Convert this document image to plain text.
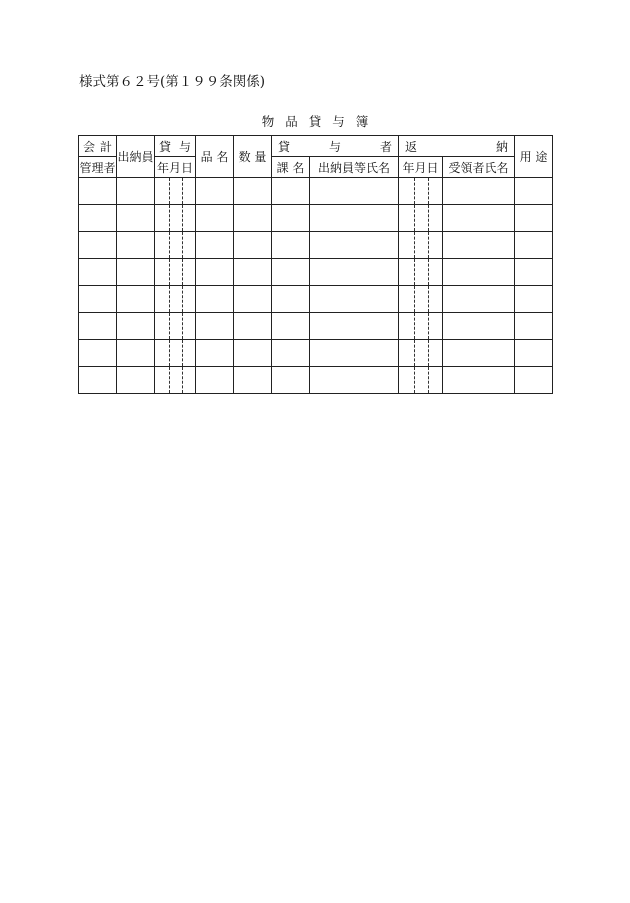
様式第６２号(第１９９条関係)
物品貸与簿
会 計	出納員	貸 与	品 名	数 量	貸 与 者		返 納		用 途
管理者		年月日			課 名	出納員等氏名	年月日	受領者氏名	
